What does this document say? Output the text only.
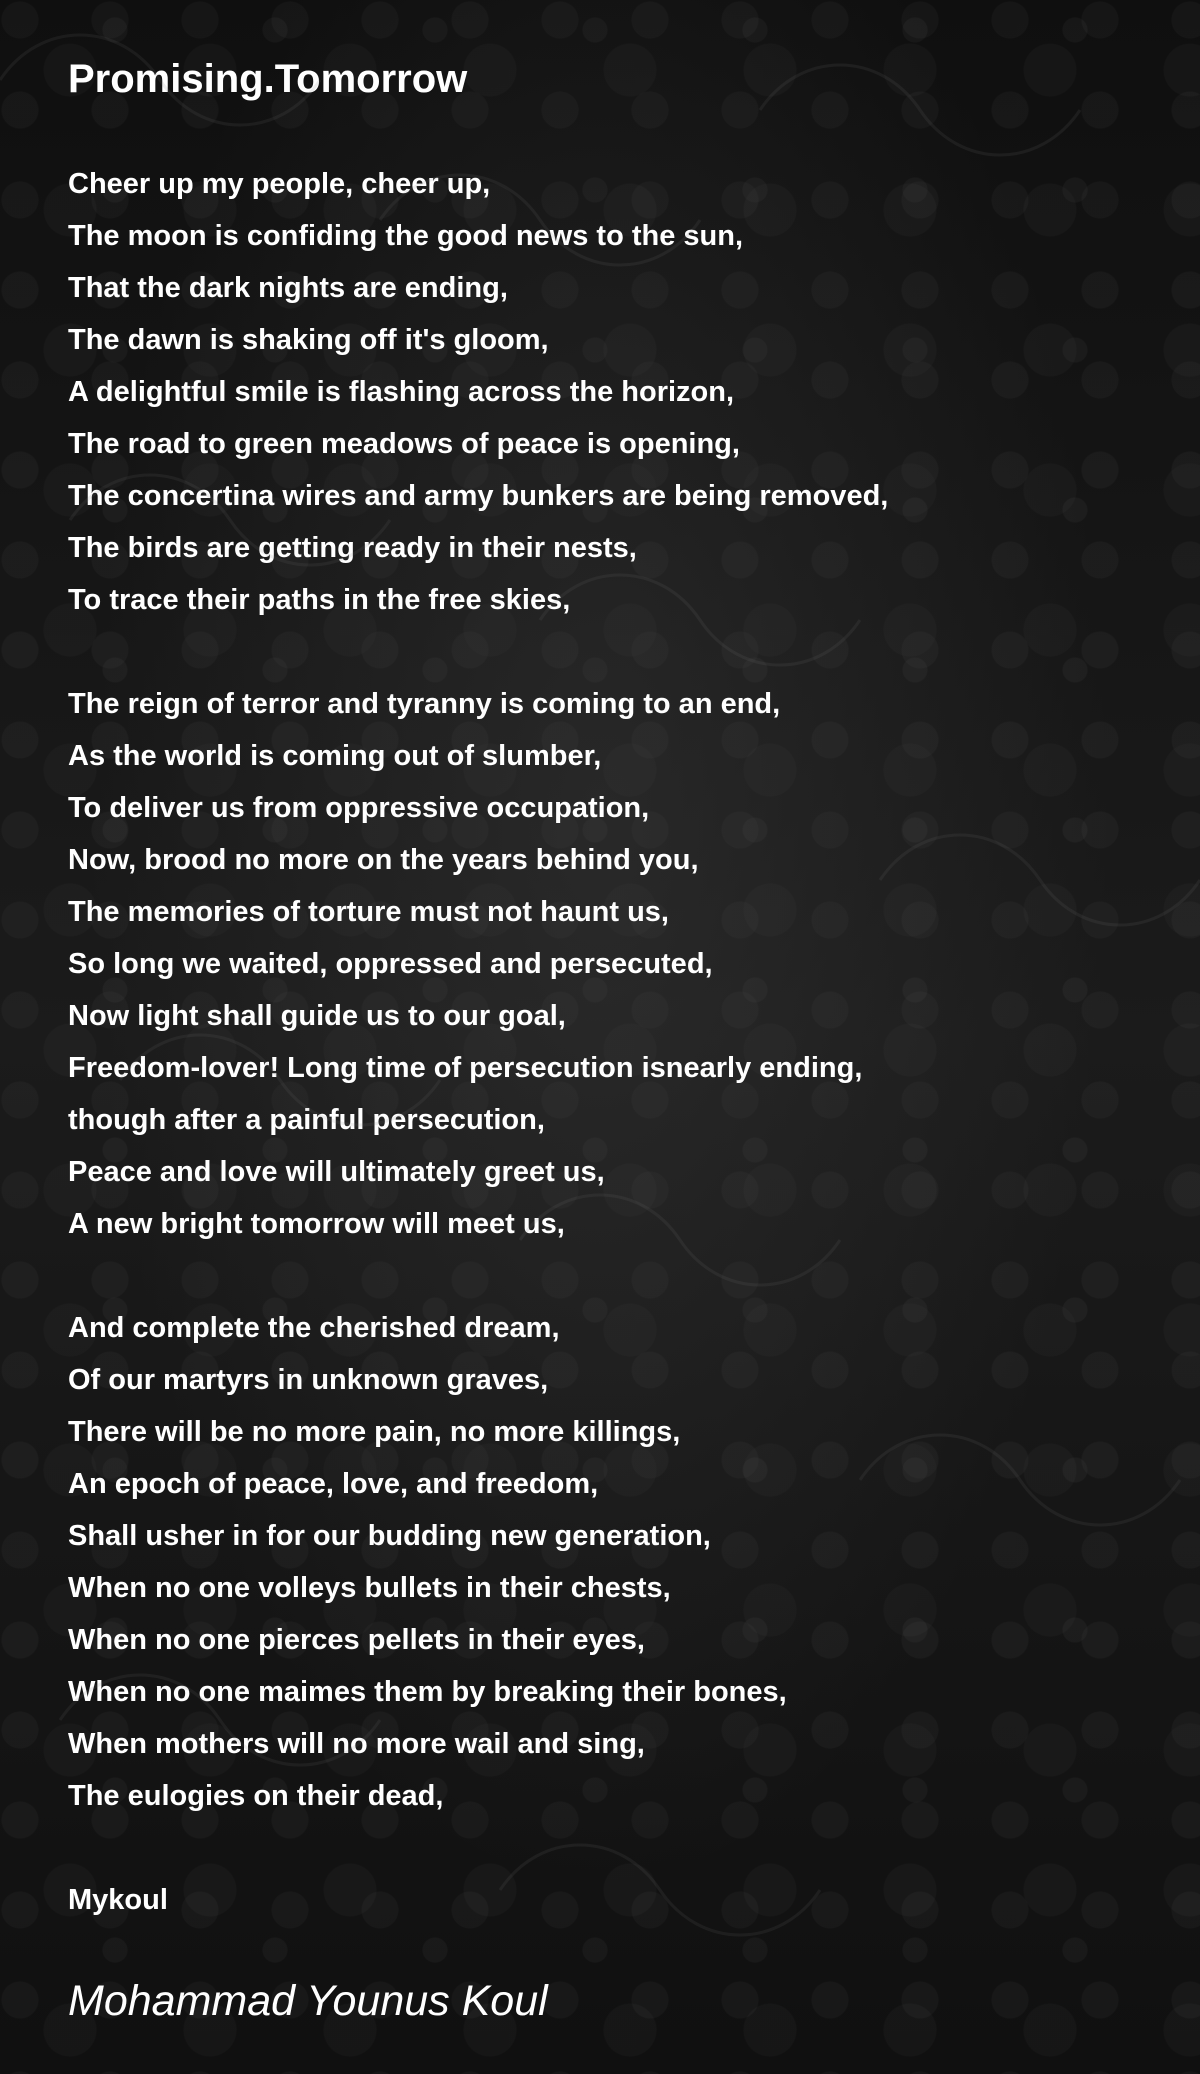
Promising.Tomorrow
Cheer up my people, cheer up,
The moon is confiding the good news to the sun,
That the dark nights are ending,
The dawn is shaking off it's gloom,
A delightful smile is flashing across the horizon,
The road to green meadows of peace is opening,
The concertina wires and army bunkers are being removed,
The birds are getting ready in their nests,
To trace their paths in the free skies,
The reign of terror and tyranny is coming to an end,
As the world is coming out of slumber,
To deliver us from oppressive occupation,
Now, brood no more on the years behind you,
The memories of torture must not haunt us,
So long we waited, oppressed and persecuted,
Now light shall guide us to our goal,
Freedom-lover! Long time of persecution isnearly ending,
though after a painful persecution,
Peace and love will ultimately greet us,
A new bright tomorrow will meet us,
And complete the cherished dream,
Of our martyrs in unknown graves,
There will be no more pain, no more killings,
An epoch of peace, love, and freedom,
Shall usher in for our budding new generation,
When no one volleys bullets in their chests,
When no one pierces pellets in their eyes,
When no one maimes them by breaking their bones,
When mothers will no more wail and sing,
The eulogies on their dead,
Mykoul
Mohammad Younus Koul
